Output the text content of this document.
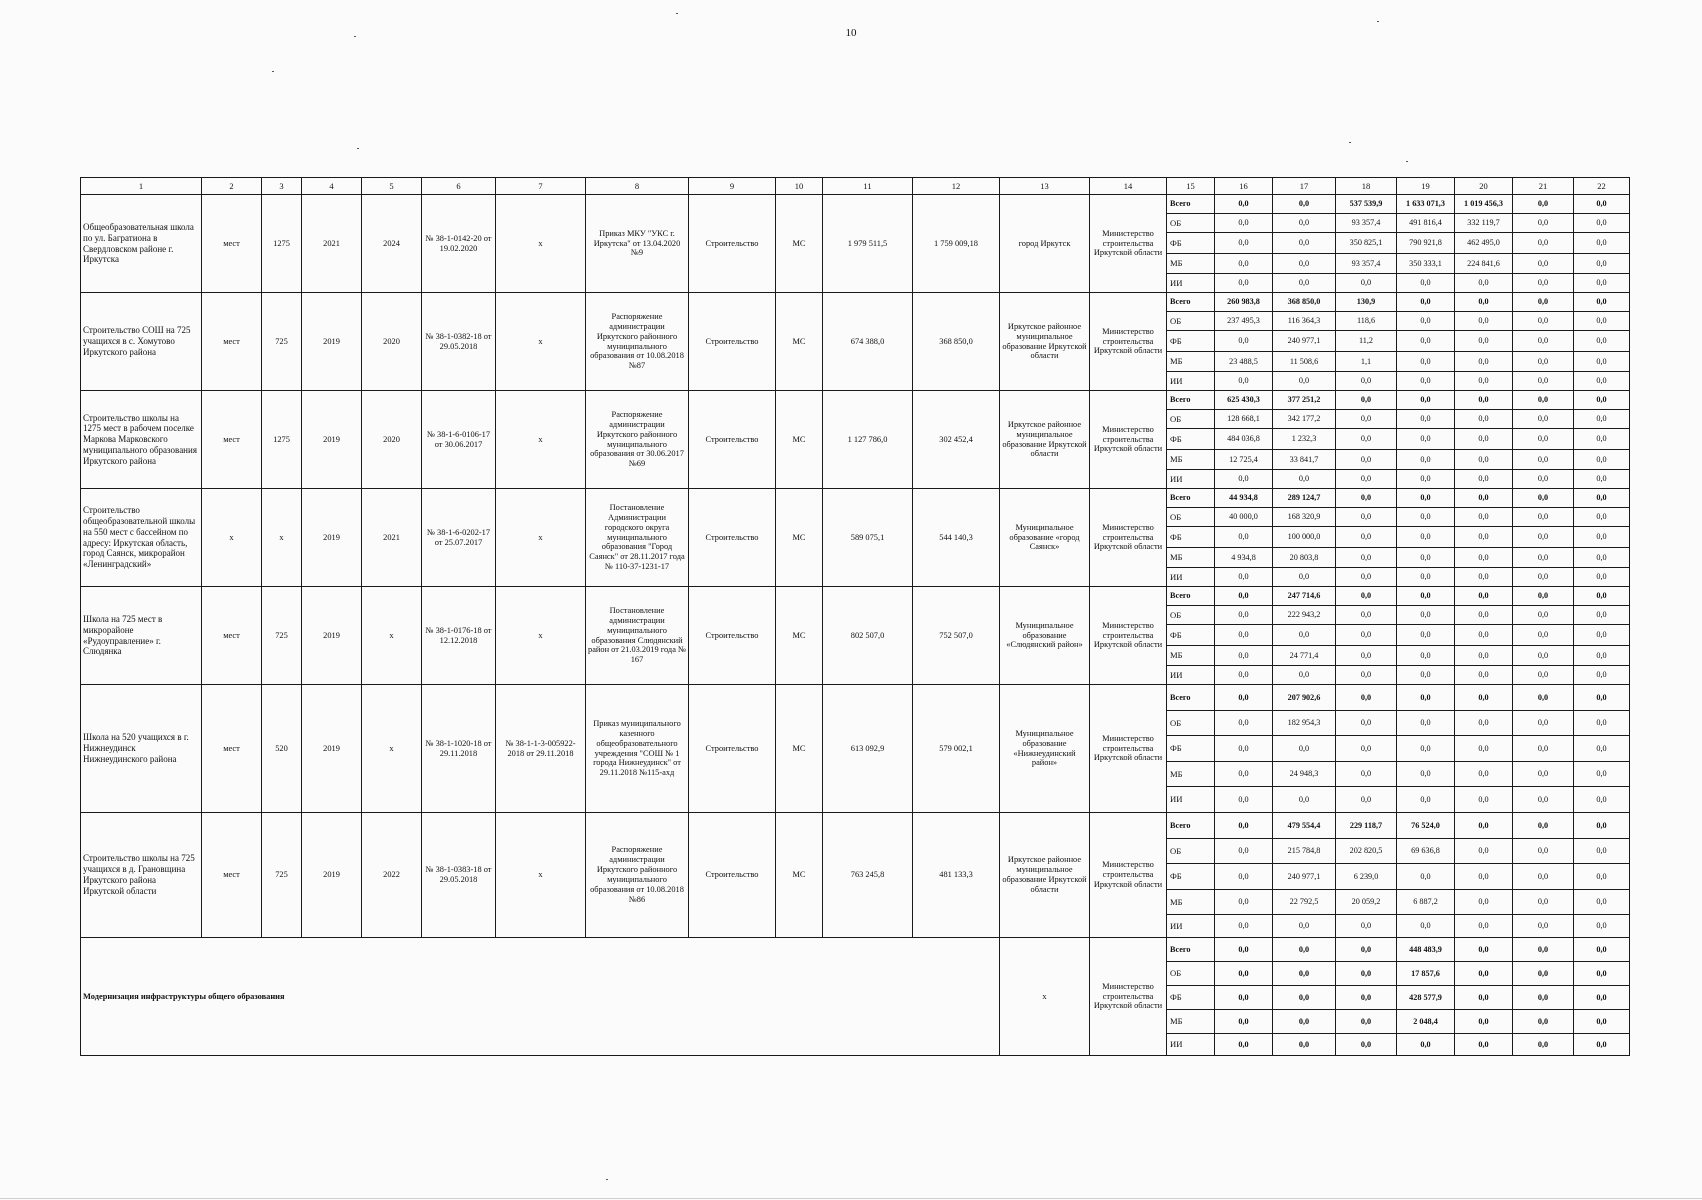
10
1	2	3	4	5	6	7	8	9	10	11	12	13	14	15	16	17	18	19	20	21	22
Общеобразовательная школа по ул. Багратиона в Свердловском районе г. Иркутска	мест	1275	2021	2024	№ 38-1-0142-20 от 19.02.2020	x	Приказ МКУ "УКС г. Иркутска" от 13.04.2020 №9	Строительство	МС	1 979 511,5	1 759 009,18	город Иркутск	Министерство строительства Иркутской области	Всего	0,0	0,0	537 539,9	1 633 071,3	1 019 456,3	0,0	0,0
														ОБ	0,0	0,0	93 357,4	491 816,4	332 119,7	0,0	0,0
														ФБ	0,0	0,0	350 825,1	790 921,8	462 495,0	0,0	0,0
														МБ	0,0	0,0	93 357,4	350 333,1	224 841,6	0,0	0,0
														ИИ	0,0	0,0	0,0	0,0	0,0	0,0	0,0
Строительство СОШ на 725 учащихся в с. Хомутово Иркутского района	мест	725	2019	2020	№ 38-1-0382-18 от 29.05.2018	x	Распоряжение администрации Иркутского районного муниципального образования от 10.08.2018 №87	Строительство	МС	674 388,0	368 850,0	Иркутское районное муниципальное образование Иркутской области	Министерство строительства Иркутской области	Всего	260 983,8	368 850,0	130,9	0,0	0,0	0,0	0,0
														ОБ	237 495,3	116 364,3	118,6	0,0	0,0	0,0	0,0
														ФБ	0,0	240 977,1	11,2	0,0	0,0	0,0	0,0
														МБ	23 488,5	11 508,6	1,1	0,0	0,0	0,0	0,0
														ИИ	0,0	0,0	0,0	0,0	0,0	0,0	0,0
Строительство школы на 1275 мест в рабочем поселке Маркова Марковского муниципального образования Иркутского района	мест	1275	2019	2020	№ 38-1-6-0106-17 от 30.06.2017	x	Распоряжение администрации Иркутского районного муниципального образования от 30.06.2017 №69	Строительство	МС	1 127 786,0	302 452,4	Иркутское районное муниципальное образование Иркутской области	Министерство строительства Иркутской области	Всего	625 430,3	377 251,2	0,0	0,0	0,0	0,0	0,0
														ОБ	128 668,1	342 177,2	0,0	0,0	0,0	0,0	0,0
														ФБ	484 036,8	1 232,3	0,0	0,0	0,0	0,0	0,0
														МБ	12 725,4	33 841,7	0,0	0,0	0,0	0,0	0,0
														ИИ	0,0	0,0	0,0	0,0	0,0	0,0	0,0
Строительство общеобразовательной школы на 550 мест с бассейном по адресу: Иркутская область, город Саянск, микрорайон «Ленинградский»	x	x	2019	2021	№ 38-1-6-0202-17 от 25.07.2017	x	Постановление Администрации городского округа муниципального образования "Город Саянск" от 28.11.2017 года № 110-37-1231-17	Строительство	МС	589 075,1	544 140,3	Муниципальное образование «город Саянск»	Министерство строительства Иркутской области	Всего	44 934,8	289 124,7	0,0	0,0	0,0	0,0	0,0
														ОБ	40 000,0	168 320,9	0,0	0,0	0,0	0,0	0,0
														ФБ	0,0	100 000,0	0,0	0,0	0,0	0,0	0,0
														МБ	4 934,8	20 803,8	0,0	0,0	0,0	0,0	0,0
														ИИ	0,0	0,0	0,0	0,0	0,0	0,0	0,0
Школа на 725 мест в микрорайоне «Рудоуправление» г. Слюдянка	мест	725	2019	x	№ 38-1-0176-18 от 12.12.2018	x	Постановление администрации муниципального образования Слюдянский район от 21.03.2019 года № 167	Строительство	МС	802 507,0	752 507,0	Муниципальное образование «Слюдянский район»	Министерство строительства Иркутской области	Всего	0,0	247 714,6	0,0	0,0	0,0	0,0	0,0
														ОБ	0,0	222 943,2	0,0	0,0	0,0	0,0	0,0
														ФБ	0,0	0,0	0,0	0,0	0,0	0,0	0,0
														МБ	0,0	24 771,4	0,0	0,0	0,0	0,0	0,0
														ИИ	0,0	0,0	0,0	0,0	0,0	0,0	0,0
Школа на 520 учащихся в г. Нижнеудинск Нижнеудинского района	мест	520	2019	x	№ 38-1-1020-18 от 29.11.2018	№ 38-1-1-3-005922-2018 от 29.11.2018	Приказ муниципального казенного общеобразовательного учреждения "СОШ № 1 города Нижнеудинск" от 29.11.2018 №115-ахд	Строительство	МС	613 092,9	579 002,1	Муниципальное образование «Нижнеудинский район»	Министерство строительства Иркутской области	Всего	0,0	207 902,6	0,0	0,0	0,0	0,0	0,0
														ОБ	0,0	182 954,3	0,0	0,0	0,0	0,0	0,0
														ФБ	0,0	0,0	0,0	0,0	0,0	0,0	0,0
														МБ	0,0	24 948,3	0,0	0,0	0,0	0,0	0,0
														ИИ	0,0	0,0	0,0	0,0	0,0	0,0	0,0
Строительство школы на 725 учащихся в д. Грановщина Иркутского района Иркутской области	мест	725	2019	2022	№ 38-1-0383-18 от 29.05.2018	x	Распоряжение администрации Иркутского районного муниципального образования от 10.08.2018 №86	Строительство	МС	763 245,8	481 133,3	Иркутское районное муниципальное образование Иркутской области	Министерство строительства Иркутской области	Всего	0,0	479 554,4	229 118,7	76 524,0	0,0	0,0	0,0
														ОБ	0,0	215 784,8	202 820,5	69 636,8	0,0	0,0	0,0
														ФБ	0,0	240 977,1	6 239,0	0,0	0,0	0,0	0,0
														МБ	0,0	22 792,5	20 059,2	6 887,2	0,0	0,0	0,0
														ИИ	0,0	0,0	0,0	0,0	0,0	0,0	0,0
Модернизация инфраструктуры общего образования												x	Министерство строительства Иркутской области	Всего	0,0	0,0	0,0	448 483,9	0,0	0,0	0,0
														ОБ	0,0	0,0	0,0	17 857,6	0,0	0,0	0,0
														ФБ	0,0	0,0	0,0	428 577,9	0,0	0,0	0,0
														МБ	0,0	0,0	0,0	2 048,4	0,0	0,0	0,0
														ИИ	0,0	0,0	0,0	0,0	0,0	0,0	0,0
